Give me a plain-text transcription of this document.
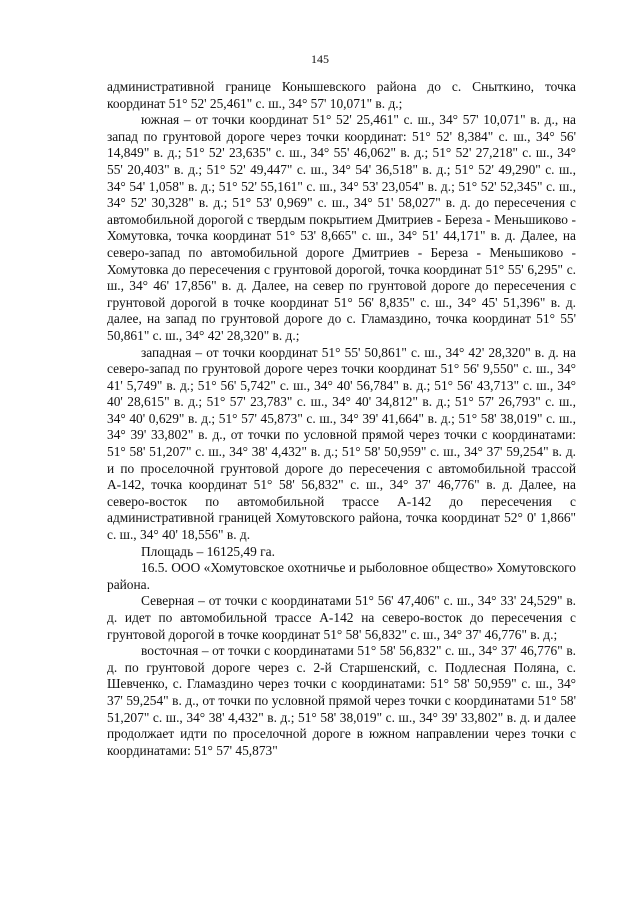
145

административной границе Конышевского района до с. Сныткино, точка координат 51° 52' 25,461" с. ш., 34° 57' 10,071" в. д.;

южная – от точки координат 51° 52' 25,461" с. ш., 34° 57' 10,071" в. д., на запад по грунтовой дороге через точки координат: 51° 52' 8,384" с. ш., 34° 56' 14,849" в. д.; 51° 52' 23,635" с. ш., 34° 55' 46,062" в. д.; 51° 52' 27,218" с. ш., 34° 55' 20,403" в. д.; 51° 52' 49,447" с. ш., 34° 54' 36,518" в. д.; 51° 52' 49,290" с. ш., 34° 54' 1,058" в. д.; 51° 52' 55,161" с. ш., 34° 53' 23,054" в. д.; 51° 52' 52,345" с. ш., 34° 52' 30,328" в. д.; 51° 53' 0,969" с. ш., 34° 51' 58,027" в. д. до пересечения с автомобильной дорогой с твердым покрытием Дмитриев - Береза - Меньшиково - Хомутовка, точка координат 51° 53' 8,665" с. ш., 34° 51' 44,171" в. д. Далее, на северо-запад по автомобильной дороге Дмитриев - Береза - Меньшиково - Хомутовка до пересечения с грунтовой дорогой, точка координат 51° 55' 6,295" с. ш., 34° 46' 17,856" в. д. Далее, на север по грунтовой дороге до пересечения с грунтовой дорогой в точке координат 51° 56' 8,835" с. ш., 34° 45' 51,396" в. д. далее, на запад по грунтовой дороге до с. Гламаздино, точка координат 51° 55' 50,861" с. ш., 34° 42' 28,320" в. д.;

западная – от точки координат 51° 55' 50,861" с. ш., 34° 42' 28,320" в. д. на северо-запад по грунтовой дороге через точки координат 51° 56' 9,550" с. ш., 34° 41' 5,749" в. д.; 51° 56' 5,742" с. ш., 34° 40' 56,784" в. д.; 51° 56' 43,713" с. ш., 34° 40' 28,615" в. д.; 51° 57' 23,783" с. ш., 34° 40' 34,812" в. д.; 51° 57' 26,793" с. ш., 34° 40' 0,629" в. д.; 51° 57' 45,873" с. ш., 34° 39' 41,664" в. д.; 51° 58' 38,019" с. ш., 34° 39' 33,802" в. д., от точки по условной прямой через точки с координатами: 51° 58' 51,207" с. ш., 34° 38' 4,432" в. д.; 51° 58' 50,959" с. ш., 34° 37' 59,254" в. д. и по проселочной грунтовой дороге до пересечения с автомобильной трассой А-142, точка координат 51° 58' 56,832" с. ш., 34° 37' 46,776" в. д. Далее, на северо-восток по автомобильной трассе А-142 до пересечения с административной границей Хомутовского района, точка координат 52° 0' 1,866" с. ш., 34° 40' 18,556" в. д.

Площадь – 16125,49 га.

16.5. ООО «Хомутовское охотничье и рыболовное общество» Хомутовского района.

Северная – от точки с координатами 51° 56' 47,406" с. ш., 34° 33' 24,529" в. д. идет по автомобильной трассе А-142 на северо-восток до пересечения с грунтовой дорогой в точке координат 51° 58' 56,832" с. ш., 34° 37' 46,776" в. д.;

восточная – от точки с координатами 51° 58' 56,832" с. ш., 34° 37' 46,776" в. д. по грунтовой дороге через с. 2-й Старшенский, с. Подлесная Поляна, с. Шевченко, с. Гламаздино через точки с координатами: 51° 58' 50,959" с. ш., 34° 37' 59,254" в. д., от точки по условной прямой через точки с координатами 51° 58' 51,207" с. ш., 34° 38' 4,432" в. д.; 51° 58' 38,019" с. ш., 34° 39' 33,802" в. д. и далее продолжает идти по проселочной дороге в южном направлении через точки с координатами: 51° 57' 45,873"
